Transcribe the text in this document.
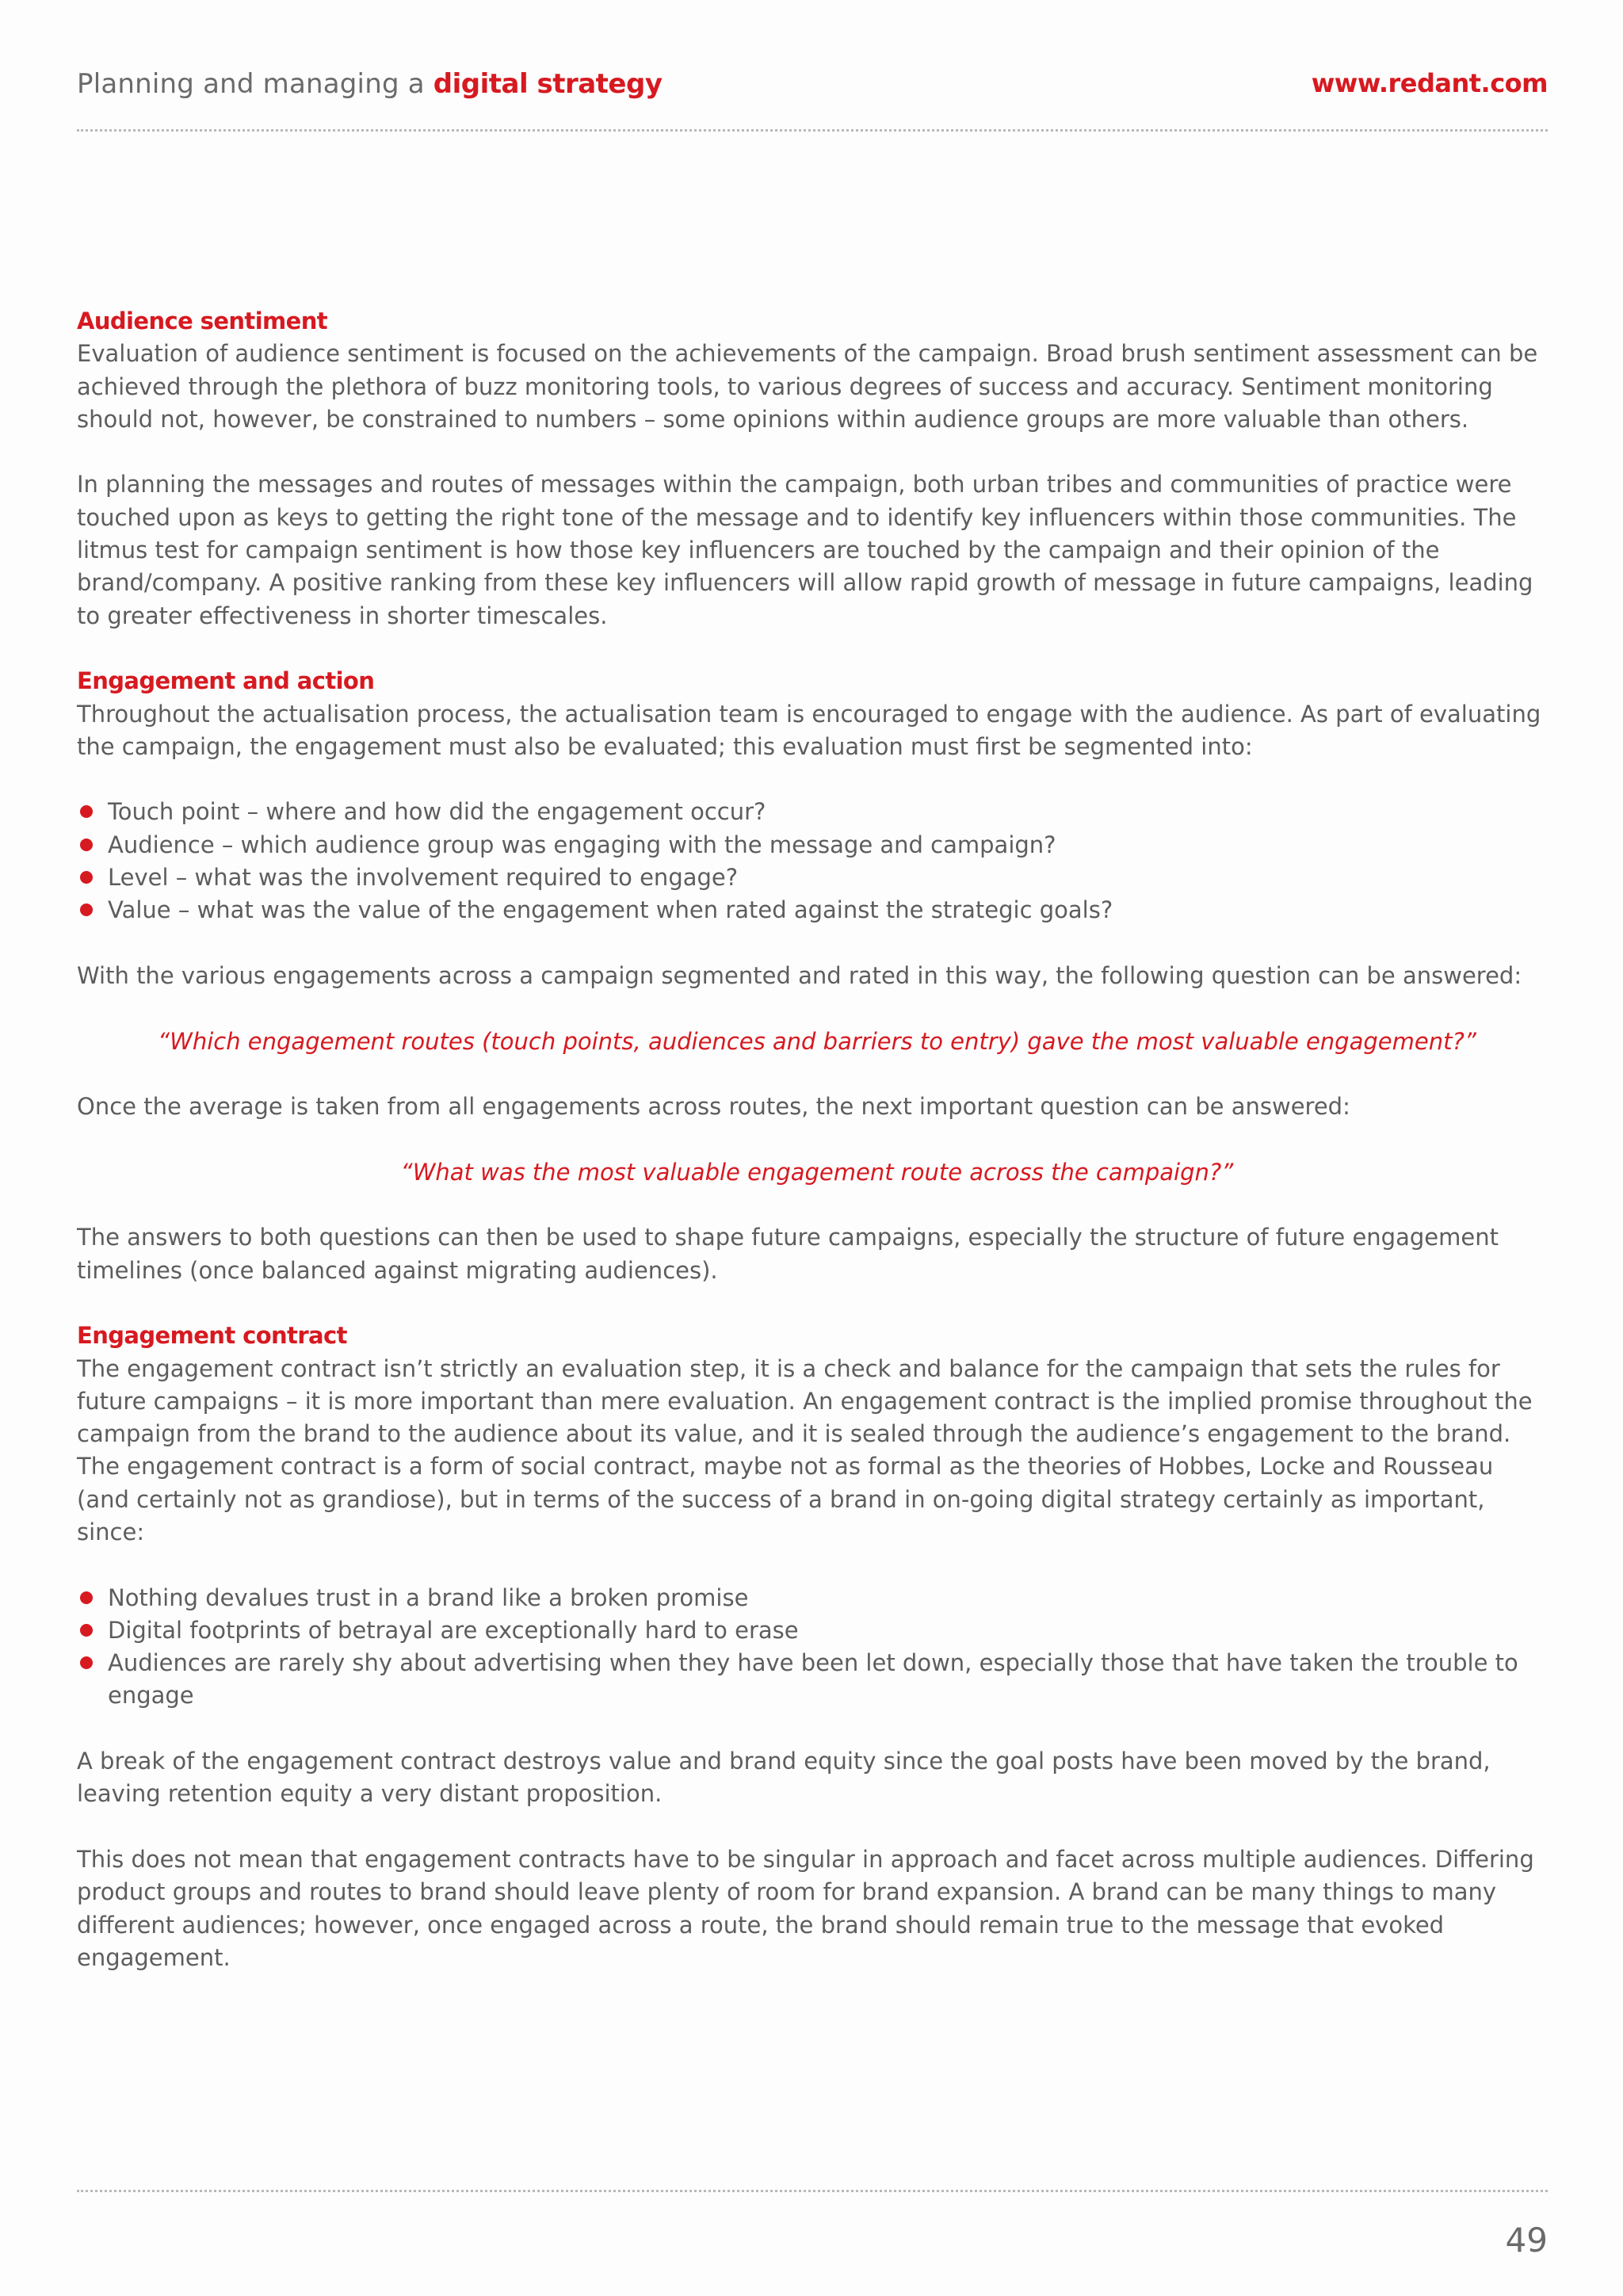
Planning and managing a digital strategy	www.redant.com
Audience sentiment

Evaluation of audience sentiment is focused on the achievements of the campaign. Broad brush sentiment assessment can be achieved through the plethora of buzz monitoring tools, to various degrees of success and accuracy. Sentiment monitoring should not, however, be constrained to numbers – some opinions within audience groups are more valuable than others.

In planning the messages and routes of messages within the campaign, both urban tribes and communities of practice were touched upon as keys to getting the right tone of the message and to identify key influencers within those communities. The litmus test for campaign sentiment is how those key influencers are touched by the campaign and their opinion of the brand/company. A positive ranking from these key influencers will allow rapid growth of message in future campaigns, leading to greater effectiveness in shorter timescales.

Engagement and action

Throughout the actualisation process, the actualisation team is encouraged to engage with the audience. As part of evaluating the campaign, the engagement must also be evaluated; this evaluation must first be segmented into:

Touch point – where and how did the engagement occur?
Audience – which audience group was engaging with the message and campaign?
Level – what was the involvement required to engage?
Value – what was the value of the engagement when rated against the strategic goals?

With the various engagements across a campaign segmented and rated in this way, the following question can be answered:

“Which engagement routes (touch points, audiences and barriers to entry) gave the most valuable engagement?”

Once the average is taken from all engagements across routes, the next important question can be answered:

“What was the most valuable engagement route across the campaign?”

The answers to both questions can then be used to shape future campaigns, especially the structure of future engagement timelines (once balanced against migrating audiences).

Engagement contract

The engagement contract isn’t strictly an evaluation step, it is a check and balance for the campaign that sets the rules for future campaigns – it is more important than mere evaluation. An engagement contract is the implied promise throughout the campaign from the brand to the audience about its value, and it is sealed through the audience’s engagement to the brand. The engagement contract is a form of social contract, maybe not as formal as the theories of Hobbes, Locke and Rousseau (and certainly not as grandiose), but in terms of the success of a brand in on-going digital strategy certainly as important, since:

Nothing devalues trust in a brand like a broken promise
Digital footprints of betrayal are exceptionally hard to erase
Audiences are rarely shy about advertising when they have been let down, especially those that have taken the trouble to engage

A break of the engagement contract destroys value and brand equity since the goal posts have been moved by the brand, leaving retention equity a very distant proposition.

This does not mean that engagement contracts have to be singular in approach and facet across multiple audiences. Differing product groups and routes to brand should leave plenty of room for brand expansion. A brand can be many things to many different audiences; however, once engaged across a route, the brand should remain true to the message that evoked engagement.

49
